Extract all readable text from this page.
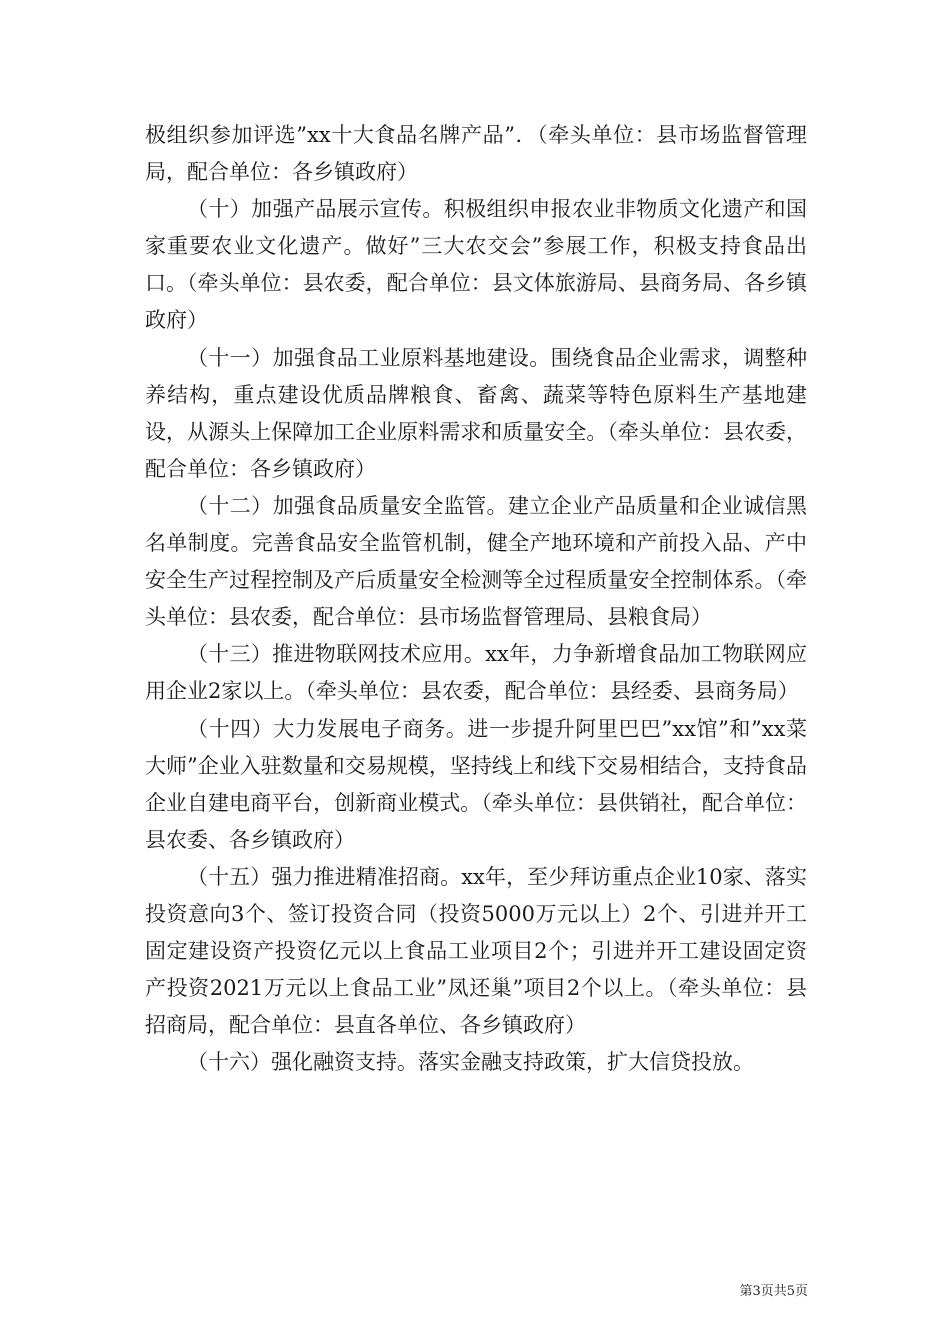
极组织参加评选”xx十大食品名牌产品”．（牵头单位：县市场监督管理局，配合单位：各乡镇政府）

（十）加强产品展示宣传。积极组织申报农业非物质文化遗产和国家重要农业文化遗产。做好”三大农交会”参展工作，积极支持食品出口。（牵头单位：县农委，配合单位：县文体旅游局、县商务局、各乡镇政府）

（十一）加强食品工业原料基地建设。围绕食品企业需求，调整种养结构，重点建设优质品牌粮食、畜禽、蔬菜等特色原料生产基地建设，从源头上保障加工企业原料需求和质量安全。（牵头单位：县农委，配合单位：各乡镇政府）

（十二）加强食品质量安全监管。建立企业产品质量和企业诚信黑名单制度。完善食品安全监管机制，健全产地环境和产前投入品、产中安全生产过程控制及产后质量安全检测等全过程质量安全控制体系。（牵头单位：县农委，配合单位：县市场监督管理局、县粮食局）

（十三）推进物联网技术应用。xx年，力争新增食品加工物联网应用企业2家以上。（牵头单位：县农委，配合单位：县经委、县商务局）

（十四）大力发展电子商务。进一步提升阿里巴巴”xx馆”和”xx菜大师”企业入驻数量和交易规模，坚持线上和线下交易相结合，支持食品企业自建电商平台，创新商业模式。（牵头单位：县供销社，配合单位：县农委、各乡镇政府）

（十五）强力推进精准招商。xx年，至少拜访重点企业10家、落实投资意向3个、签订投资合同（投资5000万元以上）2个、引进并开工固定建设资产投资亿元以上食品工业项目2个；引进并开工建设固定资产投资2021万元以上食品工业”凤还巢”项目2个以上。（牵头单位：县招商局，配合单位：县直各单位、各乡镇政府）

（十六）强化融资支持。落实金融支持政策，扩大信贷投放。

第3页共5页
